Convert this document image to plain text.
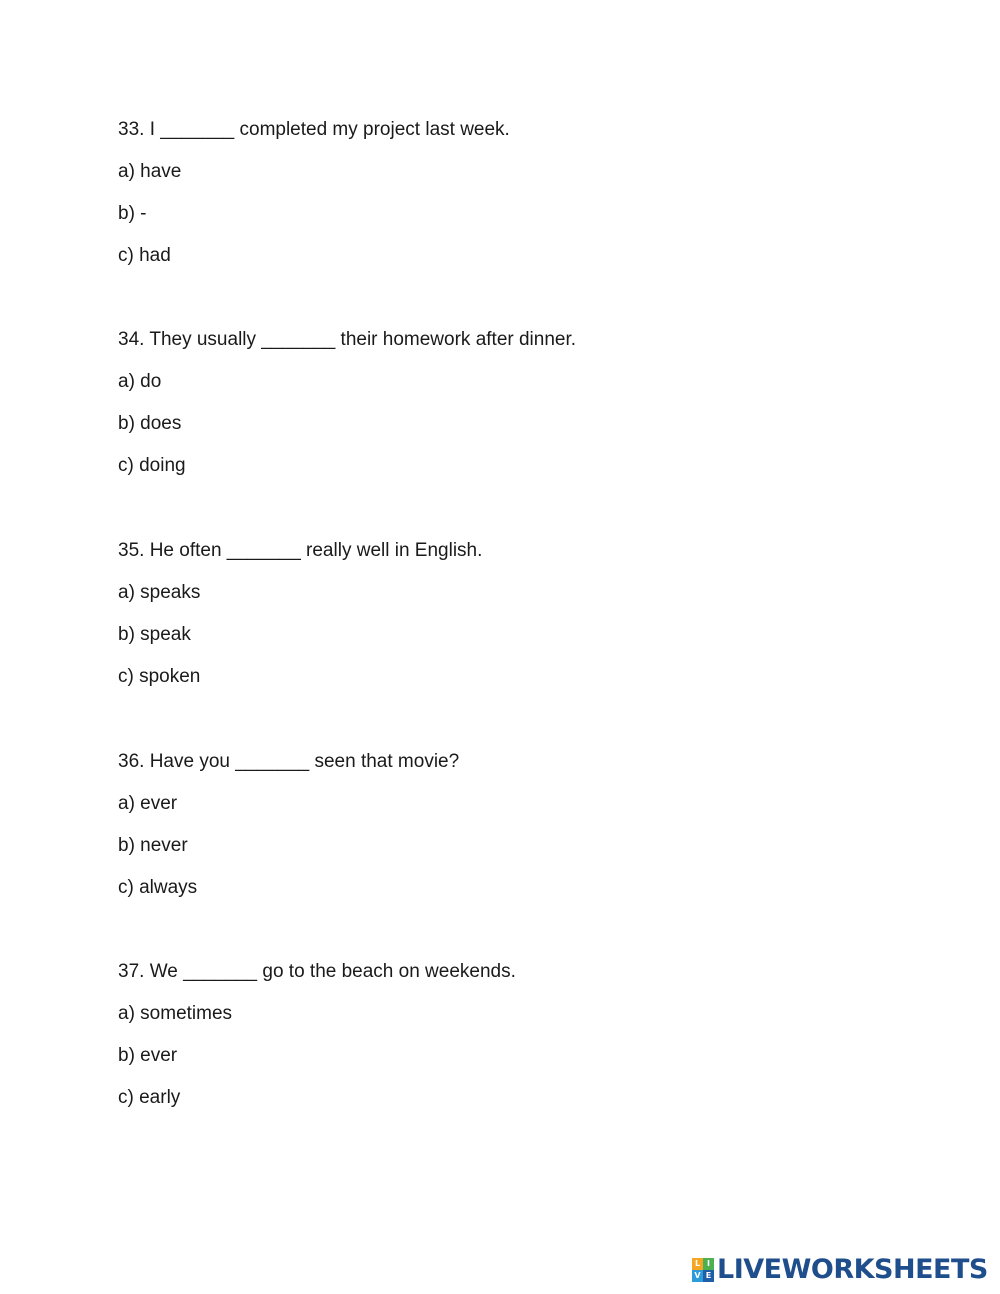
33. I _______ completed my project last week.

a) have

b) -

c) had

34. They usually _______ their homework after dinner.

a) do

b) does

c) doing

35. He often _______ really well in English.

a) speaks

b) speak

c) spoken

36. Have you _______ seen that movie?

a) ever

b) never

c) always

37. We _______ go to the beach on weekends.

a) sometimes

b) ever

c) early

L I
V E LIVEWORKSHEETS
